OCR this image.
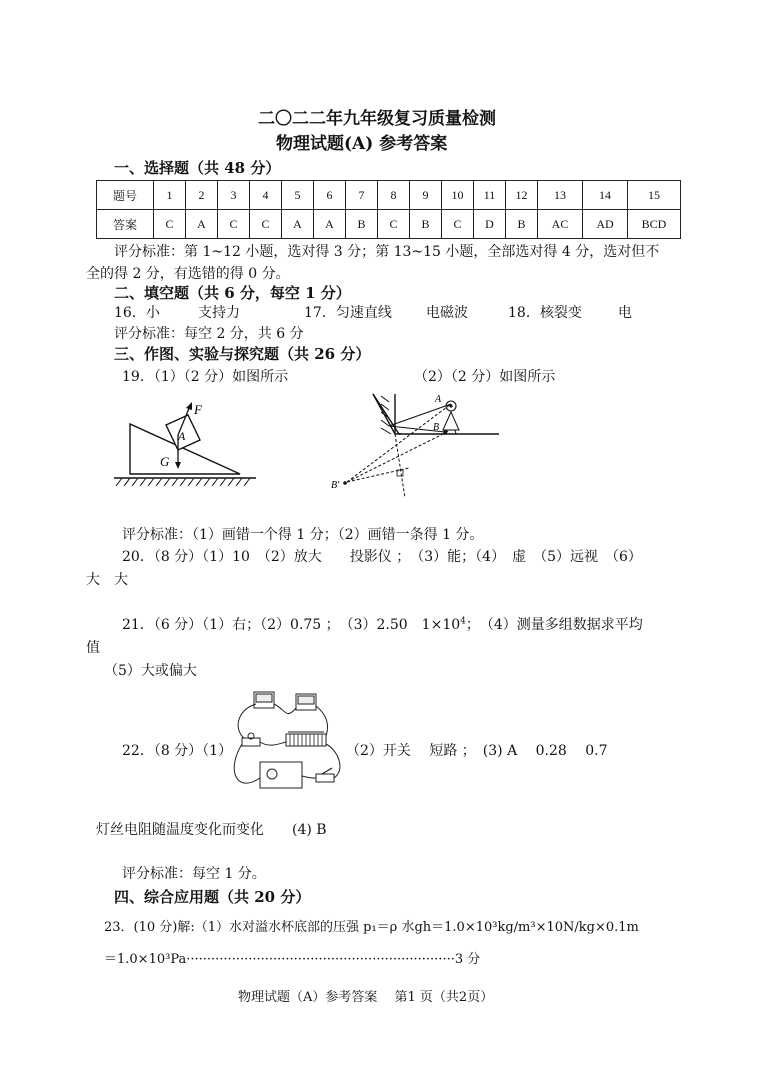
二〇二二年九年级复习质量检测
物理试题(A) 参考答案
一、选择题（共 48 分）
题号	1	2	3	4	5	6	7	8	9	10	11	12	13	14	15
答案	C	A	C	C	A	A	B	C	B	C	D	B	AC	AD	BCD
评分标准：第 1~12 小题，选对得 3 分；第 13~15 小题，全部选对得 4 分，选对但不
全的得 2 分，有选错的得 0 分。
二、填空题（共 6 分，每空 1 分）
16．小	支持力	17．匀速直线 电磁波	18．核裂变	电
评分标准：每空 2 分，共 6 分
三、作图、实验与探究题（共 26 分）
19．（1）（2 分）如图所示	（2）（2 分）如图所示
F
A
G
A
B
B'
评分标准：（1）画错一个得 1 分；（2）画错一条得 1 分。
20．（8 分）（1）10　（2）放大　　投影仪 ；　（3）能；（4）　虚　（5）远视　（6）
大　大
21．（6 分）（1）右；（2）0.75 ；　（3）2.50　$1\times 10^4$；　（4）测量多组数据求平均
值
（5）大或偏大
22．（8 分）（1）	（2）开关　 短路 ；　(3) A　 0.28　 0.7
灯丝电阻随温度变化而变化　　(4) B
评分标准：每空 1 分。
四、综合应用题（共 20 分）
23．(10 分)解:（1）水对溢水杯底部的压强 p₁＝ρ 水gh＝1.0×10³kg/m³×10N/kg×0.1m
＝1.0×10³Pa·································································3 分
物理试题（A）参考答案　 第1 页（共2页）
